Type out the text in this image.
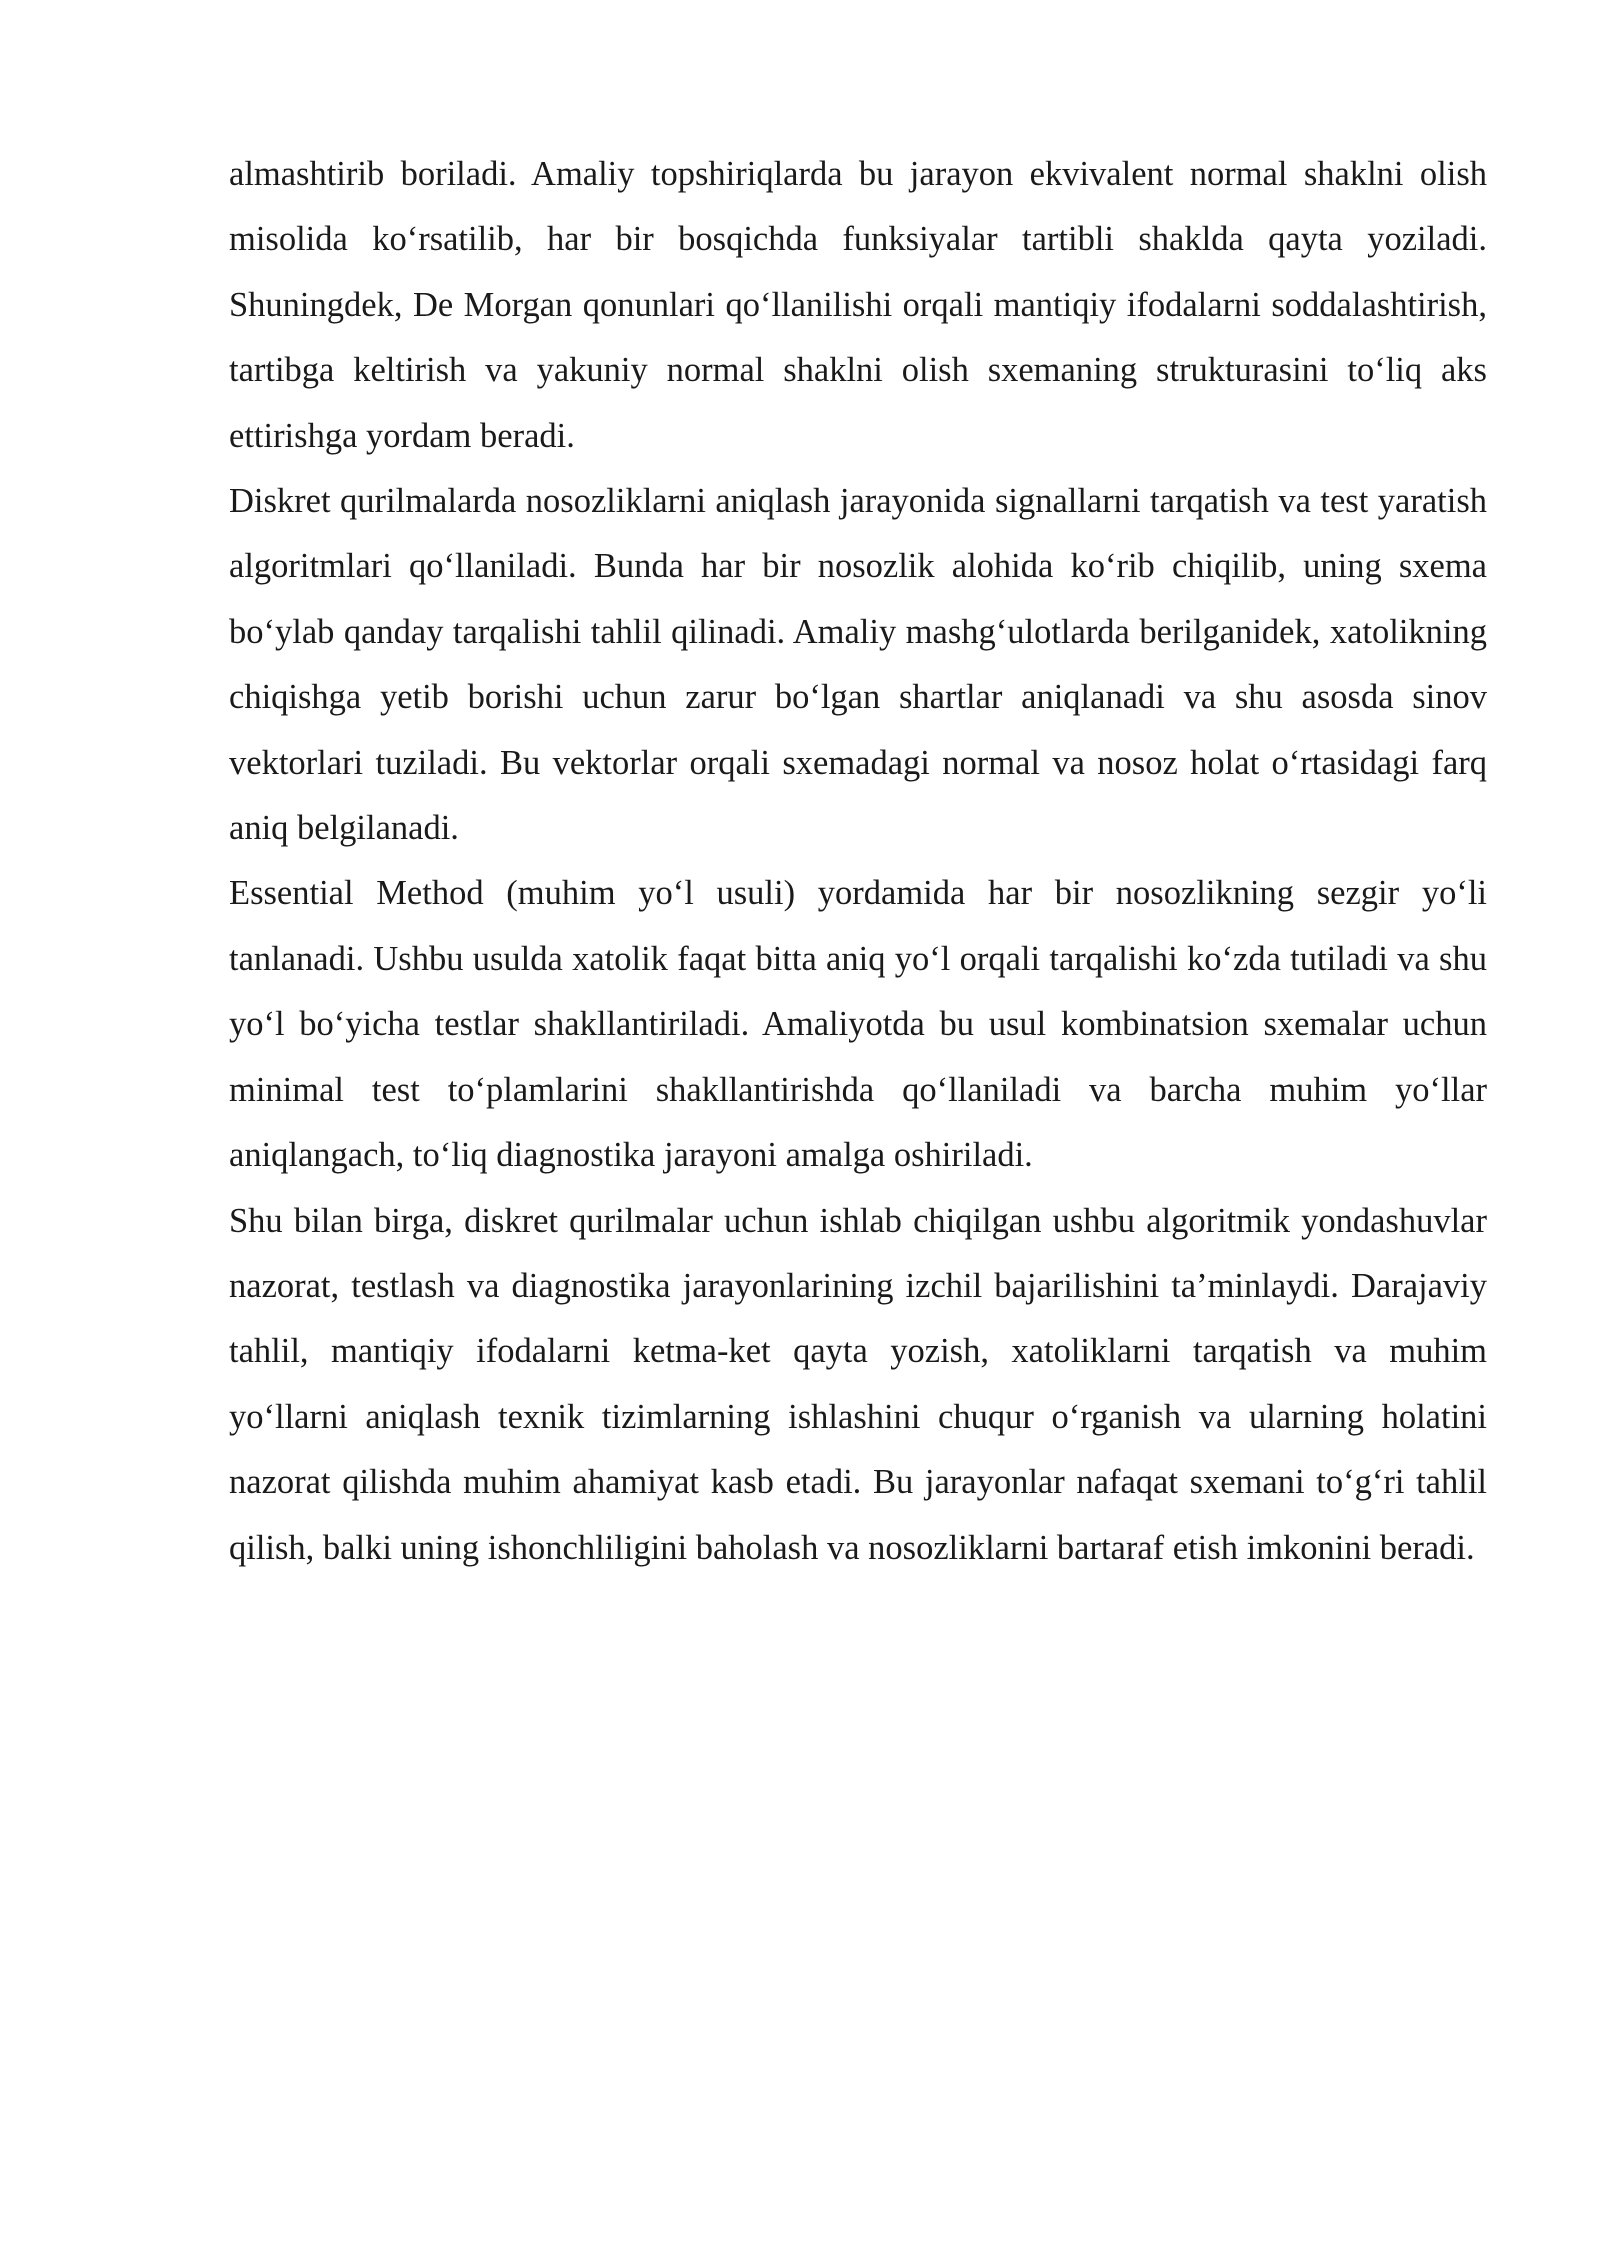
almashtirib boriladi. Amaliy topshiriqlarda bu jarayon ekvivalent normal shaklni olish misolida ko‘rsatilib, har bir bosqichda funksiyalar tartibli shaklda qayta yoziladi. Shuningdek, De Morgan qonunlari qo‘llanilishi orqali mantiqiy ifodalarni soddalashtirish, tartibga keltirish va yakuniy normal shaklni olish sxemaning strukturasini to‘liq aks ettirishga yordam beradi.

Diskret qurilmalarda nosozliklarni aniqlash jarayonida signallarni tarqatish va test yaratish algoritmlari qo‘llaniladi. Bunda har bir nosozlik alohida ko‘rib chiqilib, uning sxema bo‘ylab qanday tarqalishi tahlil qilinadi. Amaliy mashg‘ulotlarda berilganidek, xatolikning chiqishga yetib borishi uchun zarur bo‘lgan shartlar aniqlanadi va shu asosda sinov vektorlari tuziladi. Bu vektorlar orqali sxemadagi normal va nosoz holat o‘rtasidagi farq aniq belgilanadi.

Essential Method (muhim yo‘l usuli) yordamida har bir nosozlikning sezgir yo‘li tanlanadi. Ushbu usulda xatolik faqat bitta aniq yo‘l orqali tarqalishi ko‘zda tutiladi va shu yo‘l bo‘yicha testlar shakllantiriladi. Amaliyotda bu usul kombinatsion sxemalar uchun minimal test to‘plamlarini shakllantirishda qo‘llaniladi va barcha muhim yo‘llar aniqlangach, to‘liq diagnostika jarayoni amalga oshiriladi.

Shu bilan birga, diskret qurilmalar uchun ishlab chiqilgan ushbu algoritmik yondashuvlar nazorat, testlash va diagnostika jarayonlarining izchil bajarilishini ta’minlaydi. Darajaviy tahlil, mantiqiy ifodalarni ketma-ket qayta yozish, xatoliklarni tarqatish va muhim yo‘llarni aniqlash texnik tizimlarning ishlashini chuqur o‘rganish va ularning holatini nazorat qilishda muhim ahamiyat kasb etadi. Bu jarayonlar nafaqat sxemani to‘g‘ri tahlil qilish, balki uning ishonchliligini baholash va nosozliklarni bartaraf etish imkonini beradi.
